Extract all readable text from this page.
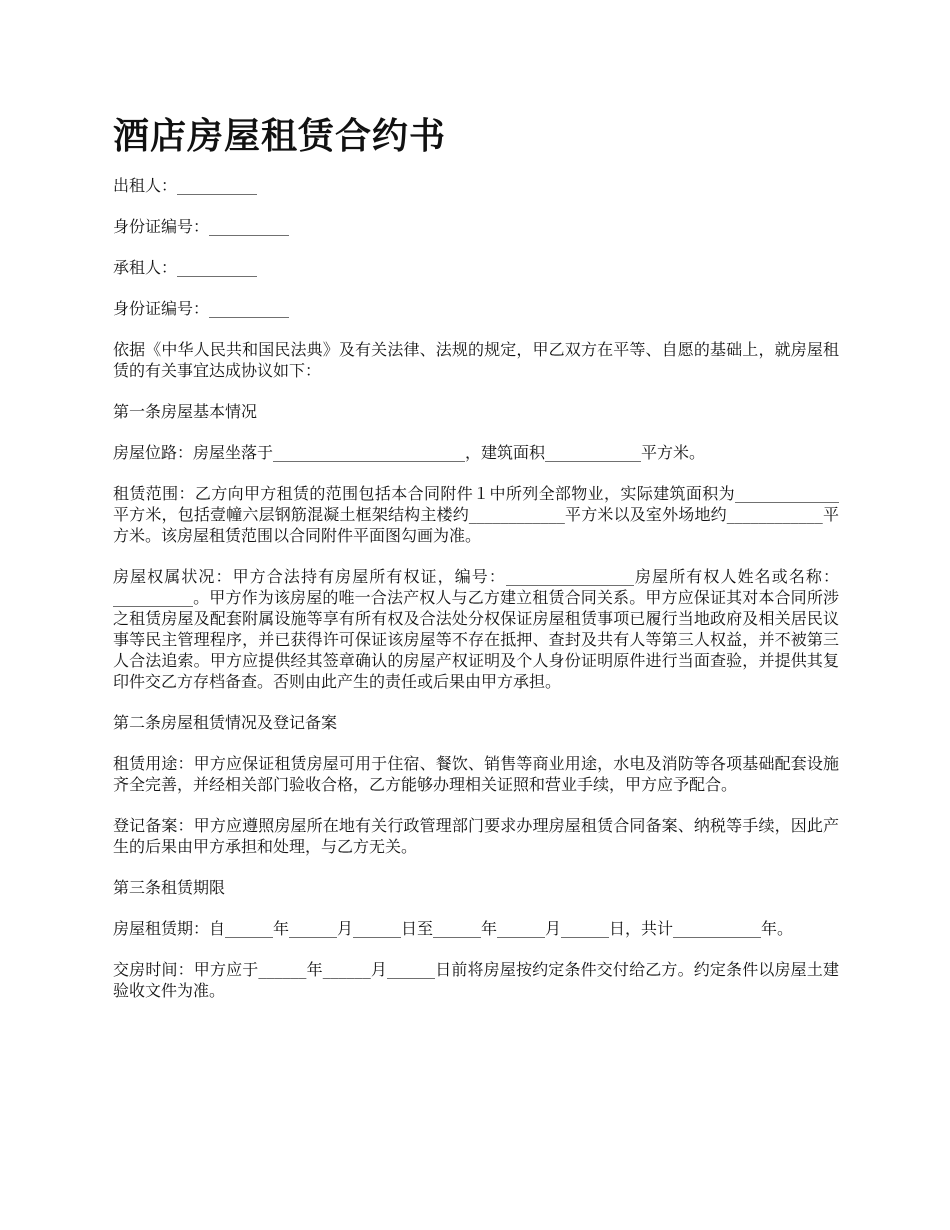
酒店房屋租赁合约书

出租人：__________

身份证编号：__________

承租人：__________

身份证编号：__________

依据《中华人民共和国民法典》及有关法律、法规的规定，甲乙双方在平等、自愿的基础上，就房屋租赁的有关事宜达成协议如下：

第一条房屋基本情况

房屋位路：房屋坐落于________________________，建筑面积____________平方米。

租赁范围：乙方向甲方租赁的范围包括本合同附件１中所列全部物业，实际建筑面积为_____________平方米，包括壹幢六层钢筋混凝土框架结构主楼约____________平方米以及室外场地约____________平方米。该房屋租赁范围以合同附件平面图勾画为准。

房屋权属状况：甲方合法持有房屋所有权证，编号：________________房屋所有权人姓名或名称：__________。甲方作为该房屋的唯一合法产权人与乙方建立租赁合同关系。甲方应保证其对本合同所涉之租赁房屋及配套附属设施等享有所有权及合法处分权保证房屋租赁事项已履行当地政府及相关居民议事等民主管理程序，并已获得许可保证该房屋等不存在抵押、查封及共有人等第三人权益，并不被第三人合法追索。甲方应提供经其签章确认的房屋产权证明及个人身份证明原件进行当面查验，并提供其复印件交乙方存档备查。否则由此产生的责任或后果由甲方承担。

第二条房屋租赁情况及登记备案

租赁用途：甲方应保证租赁房屋可用于住宿、餐饮、销售等商业用途，水电及消防等各项基础配套设施齐全完善，并经相关部门验收合格，乙方能够办理相关证照和营业手续，甲方应予配合。

登记备案：甲方应遵照房屋所在地有关行政管理部门要求办理房屋租赁合同备案、纳税等手续，因此产生的后果由甲方承担和处理，与乙方无关。

第三条租赁期限

房屋租赁期：自______年______月______日至______年______月______日，共计___________年。

交房时间：甲方应于______年______月______日前将房屋按约定条件交付给乙方。约定条件以房屋土建验收文件为准。
